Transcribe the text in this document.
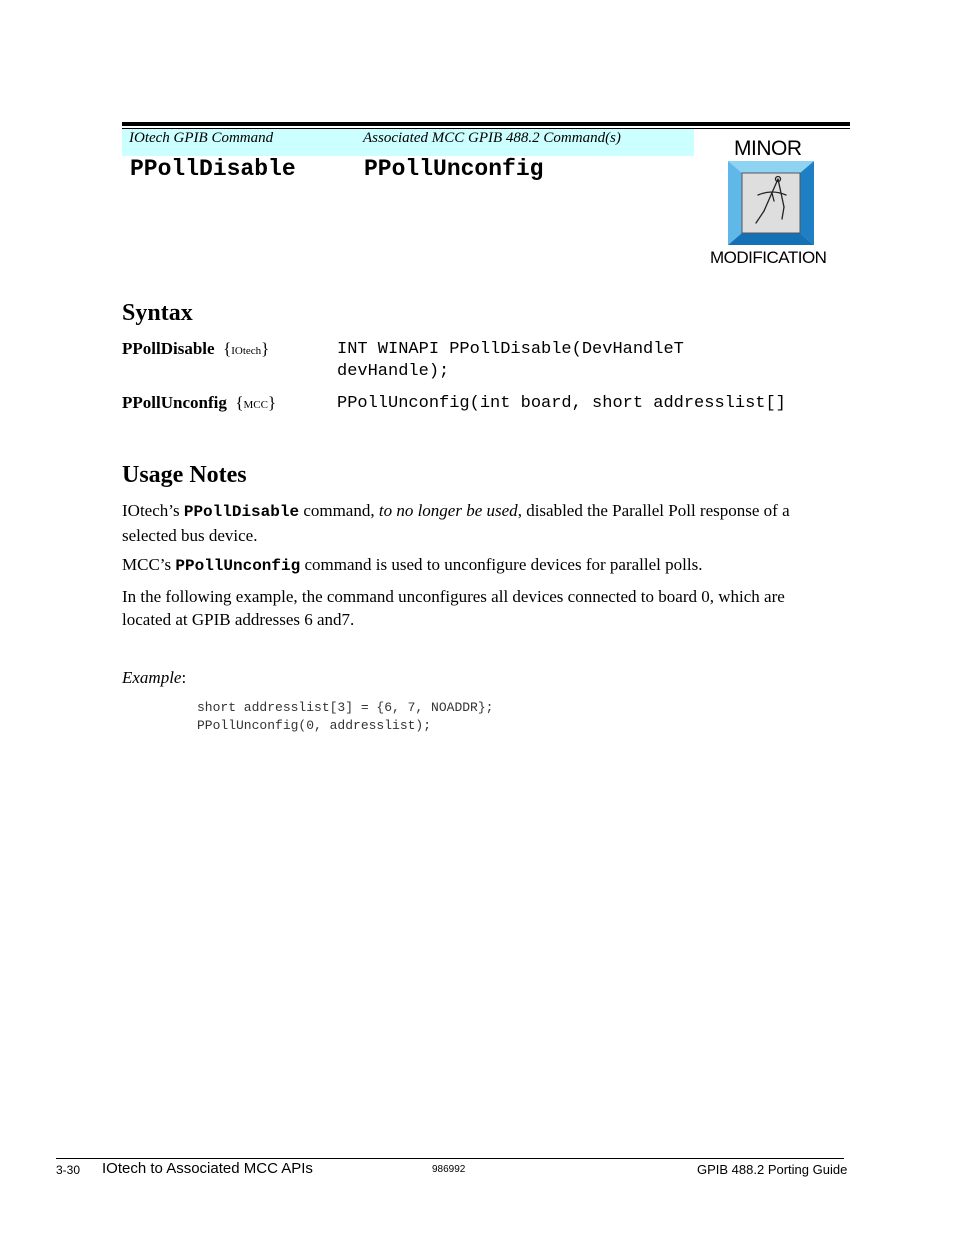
IOtech GPIB Command	Associated MCC GPIB 488.2 Command(s)
PPollDisable	PPollUnconfig
MINOR
MODIFICATION
Syntax
PPollDisable  {IOtech}	INT WINAPI PPollDisable(DevHandleT
devHandle);
PPollUnconfig  {MCC}	PPollUnconfig(int board, short addresslist[]
Usage Notes

IOtech’s PPollDisable command, to no longer be used, disabled the Parallel Poll response of a selected bus device.

MCC’s PPollUnconfig command is used to unconfigure devices for parallel polls.

In the following example, the command unconfigures all devices connected to board 0, which are located at GPIB addresses 6 and7.

Example:
short addresslist[3] = {6, 7, NOADDR};
PPollUnconfig(0, addresslist);
3-30 IOtech to Associated MCC APIs	986992	GPIB 488.2 Porting Guide
